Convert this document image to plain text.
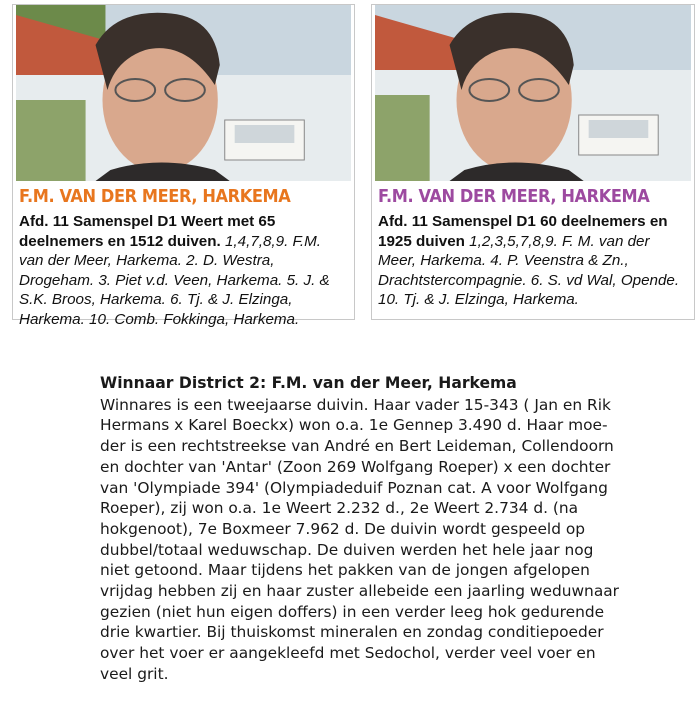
F.M. VAN DER MEER, HARKEMA
Afd. 11 Samenspel D1 Weert met 65 deelnemers en 1512 duiven. 1,4,7,8,9. F.M. van der Meer, Harkema. 2. D. Westra, Drogeham. 3. Piet v.d. Veen, Harkema. 5. J. & S.K. Broos, Harkema. 6. Tj. & J. Elzinga, Harkema. 10. Comb. Fokkinga, Harkema.
F.M. VAN DER MEER, HARKEMA
Afd. 11 Samenspel D1 60 deelnemers en 1925 duiven 1,2,3,5,7,8,9. F. M. van der Meer, Harkema. 4. P. Veenstra & Zn., Drachtstercompagnie. 6. S. vd Wal, Opende. 10. Tj. & J. Elzinga, Harkema.
Winnaar District 2: F.M. van der Meer, Harkema

Winnares is een tweejaarse duivin. Haar vader 15-343 ( Jan en Rik
Hermans x Karel Boeckx) won o.a. 1e Gennep 3.490 d. Haar moe-
der is een rechtstreekse van André en Bert Leideman, Collendoorn
en dochter van 'Antar' (Zoon 269 Wolfgang Roeper) x een dochter
van 'Olympiade 394' (Olympiadeduif Poznan cat. A voor Wolfgang
Roeper), zij won o.a. 1e Weert 2.232 d., 2e Weert 2.734 d. (na
hokgenoot), 7e Boxmeer 7.962 d. De duivin wordt gespeeld op
dubbel/totaal weduwschap. De duiven werden het hele jaar nog
niet getoond. Maar tijdens het pakken van de jongen afgelopen
vrijdag hebben zij en haar zuster allebeide een jaarling weduwnaar
gezien (niet hun eigen doffers) in een verder leeg hok gedurende
drie kwartier. Bij thuiskomst mineralen en zondag conditiepoeder
over het voer er aangekleefd met Sedochol, verder veel voer en
veel grit.
